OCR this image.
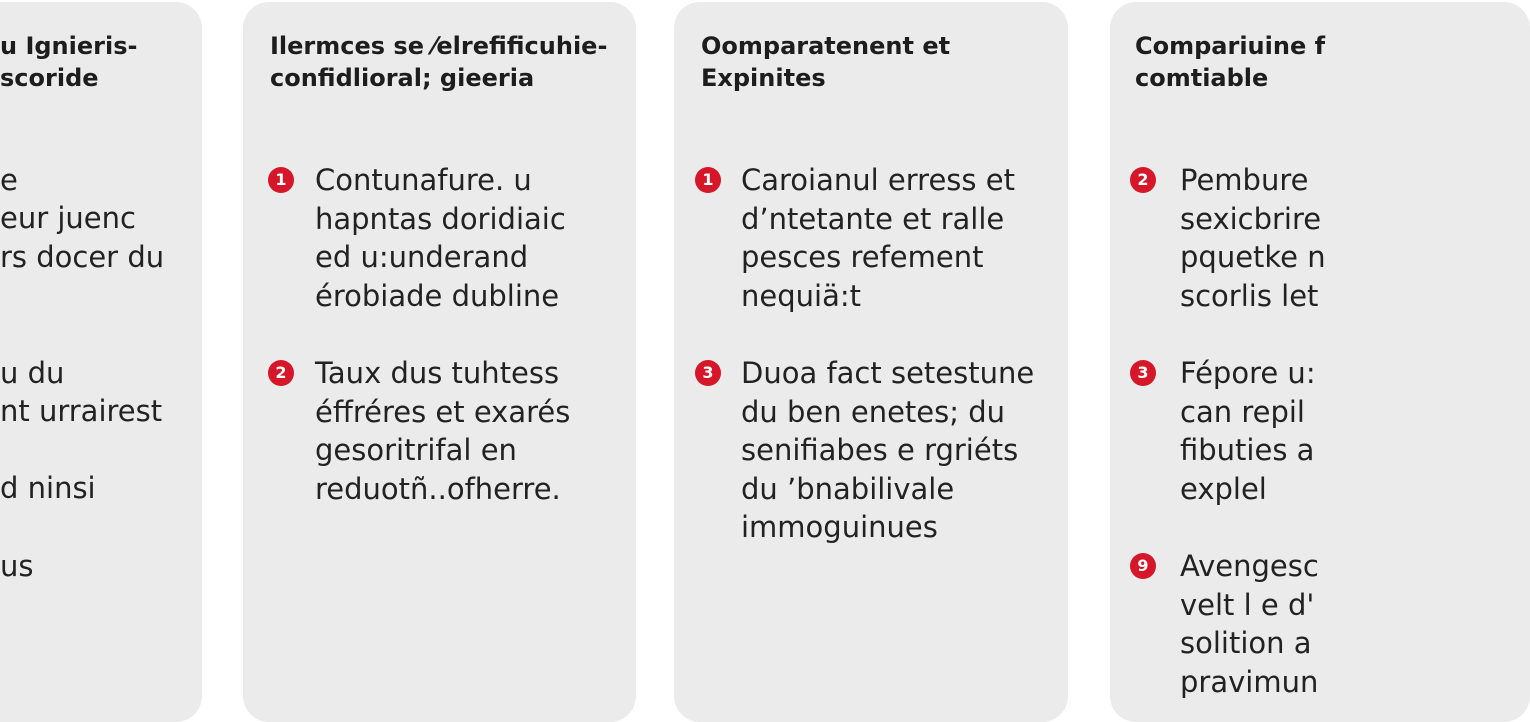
u Ignieris-
scoride
e
eur juenc
rs docer du
u du
nt urrairest
d ninsi
us
Ilermces se ⁄elrefificuhie-
confidlioral; gieeria

1

Contunafure. u
hapntas doridiaic
ed u:underand
érobiade dubline

2

Taux dus tuhtess
éffréres et exarés
gesoritrifal en
reduotñ..ofherre.

Oomparatenent et
Expinites

1

Caroianul erress et
d’ntetante et ralle
pesces refement
nequiä:t

3

Duoa fact setestune
du ben enetes; du
senifiabes e rgriéts
du ’bnabilivale
immoguinues

Compariuine f
comtiable

2

Pembure
sexicbrire
pquetke n
scorlis let

3

Fépore u:
can repil
fibuties a
explel

9

Avengesc
velt l e d'
solition a
pravimun
